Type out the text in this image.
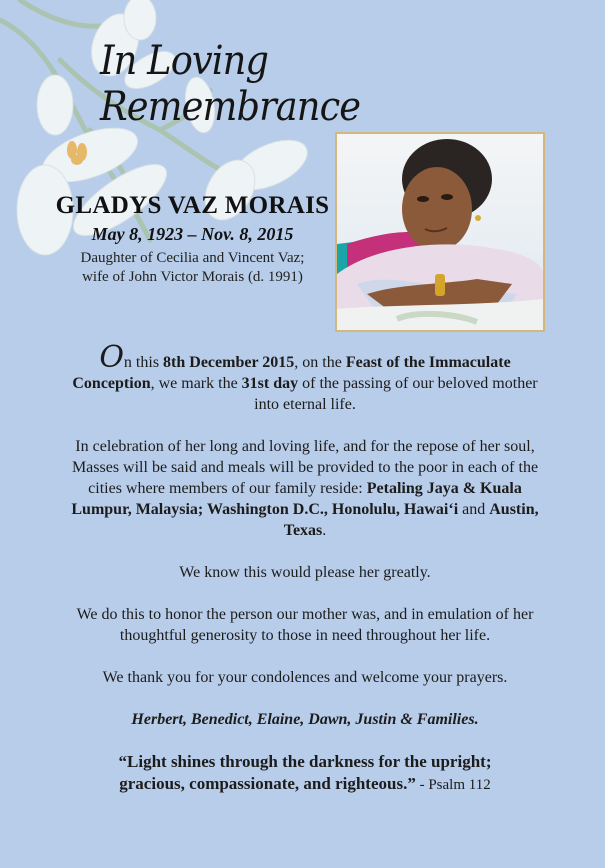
In Loving Remembrance
GLADYS VAZ MORAIS
May 8, 1923 – Nov. 8, 2015
Daughter of Cecilia and Vincent Vaz;
wife of John Victor Morais (d. 1991)

On this 8th December 2015, on the Feast of the Immaculate Conception, we mark the 31st day of the passing of our beloved mother into eternal life.

In celebration of her long and loving life, and for the repose of her soul, Masses will be said and meals will be provided to the poor in each of the cities where members of our family reside: Petaling Jaya & Kuala Lumpur, Malaysia; Washington D.C., Honolulu, Hawai‘i and Austin, Texas.

We know this would please her greatly.

We do this to honor the person our mother was, and in emulation of her thoughtful generosity to those in need throughout her life.

We thank you for your condolences and welcome your prayers.

Herbert, Benedict, Elaine, Dawn, Justin & Families.

“Light shines through the darkness for the upright; gracious, compassionate, and righteous.” - Psalm 112
